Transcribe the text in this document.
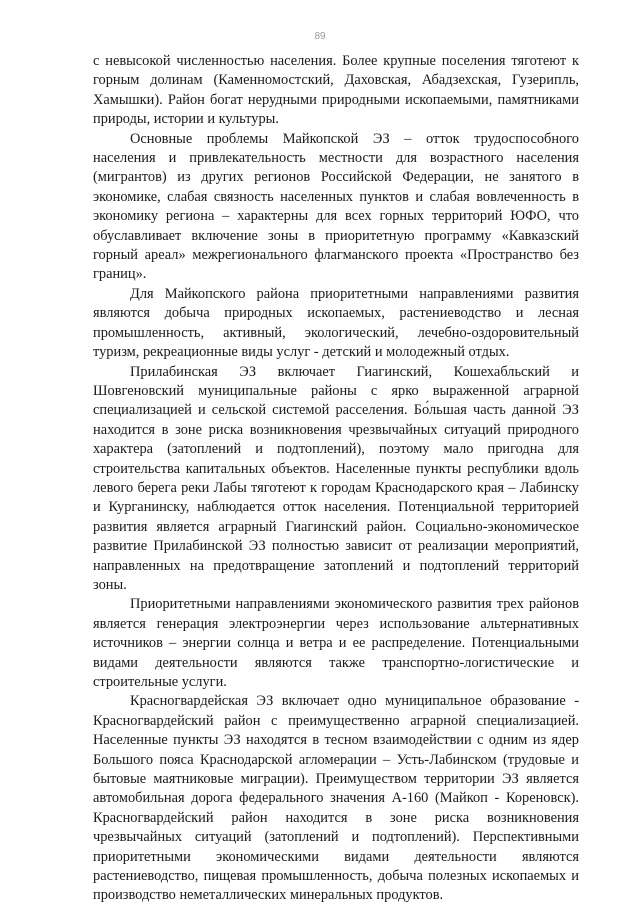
89

с невысокой численностью населения. Более крупные поселения тяготеют к горным долинам (Каменномостский, Даховская, Абадзехская, Гузерипль, Хамышки). Район богат нерудными природными ископаемыми, памятниками природы, истории и культуры.

Основные проблемы Майкопской ЭЗ – отток трудоспособного населения и привлекательность местности для возрастного населения (мигрантов) из других регионов Российской Федерации, не занятого в экономике, слабая связность населенных пунктов и слабая вовлеченность в экономику региона – характерны для всех горных территорий ЮФО, что обуславливает включение зоны в приоритетную программу «Кавказский горный ареал» межрегионального флагманского проекта «Пространство без границ».

Для Майкопского района приоритетными направлениями развития являются добыча природных ископаемых, растениеводство и лесная промышленность, активный, экологический, лечебно-оздоровительный туризм, рекреационные виды услуг - детский и молодежный отдых.

Прилабинская ЭЗ включает Гиагинский, Кошехабльский и Шовгеновский муниципальные районы с ярко выраженной аграрной специализацией и сельской системой расселения. Бо́льшая часть данной ЭЗ находится в зоне риска возникновения чрезвычайных ситуаций природного характера (затоплений и подтоплений), поэтому мало пригодна для строительства капитальных объектов. Населенные пункты республики вдоль левого берега реки Лабы тяготеют к городам Краснодарского края – Лабинску и Курганинску, наблюдается отток населения. Потенциальной территорией развития является аграрный Гиагинский район. Социально-экономическое развитие Прилабинской ЭЗ полностью зависит от реализации мероприятий, направленных на предотвращение затоплений и подтоплений территорий зоны.

Приоритетными направлениями экономического развития трех районов является генерация электроэнергии через использование альтернативных источников – энергии солнца и ветра и ее распределение. Потенциальными видами деятельности являются также транспортно-логистические и строительные услуги.

Красногвардейская ЭЗ включает одно муниципальное образование - Красногвардейский район с преимущественно аграрной специализацией. Населенные пункты ЭЗ находятся в тесном взаимодействии с одним из ядер Большого пояса Краснодарской агломерации – Усть-Лабинском (трудовые и бытовые маятниковые миграции). Преимуществом территории ЭЗ является автомобильная дорога федерального значения А-160 (Майкоп - Кореновск). Красногвардейский район находится в зоне риска возникновения чрезвычайных ситуаций (затоплений и подтоплений). Перспективными приоритетными экономическими видами деятельности являются растениеводство, пищевая промышленность, добыча полезных ископаемых и производство неметаллических минеральных продуктов.
